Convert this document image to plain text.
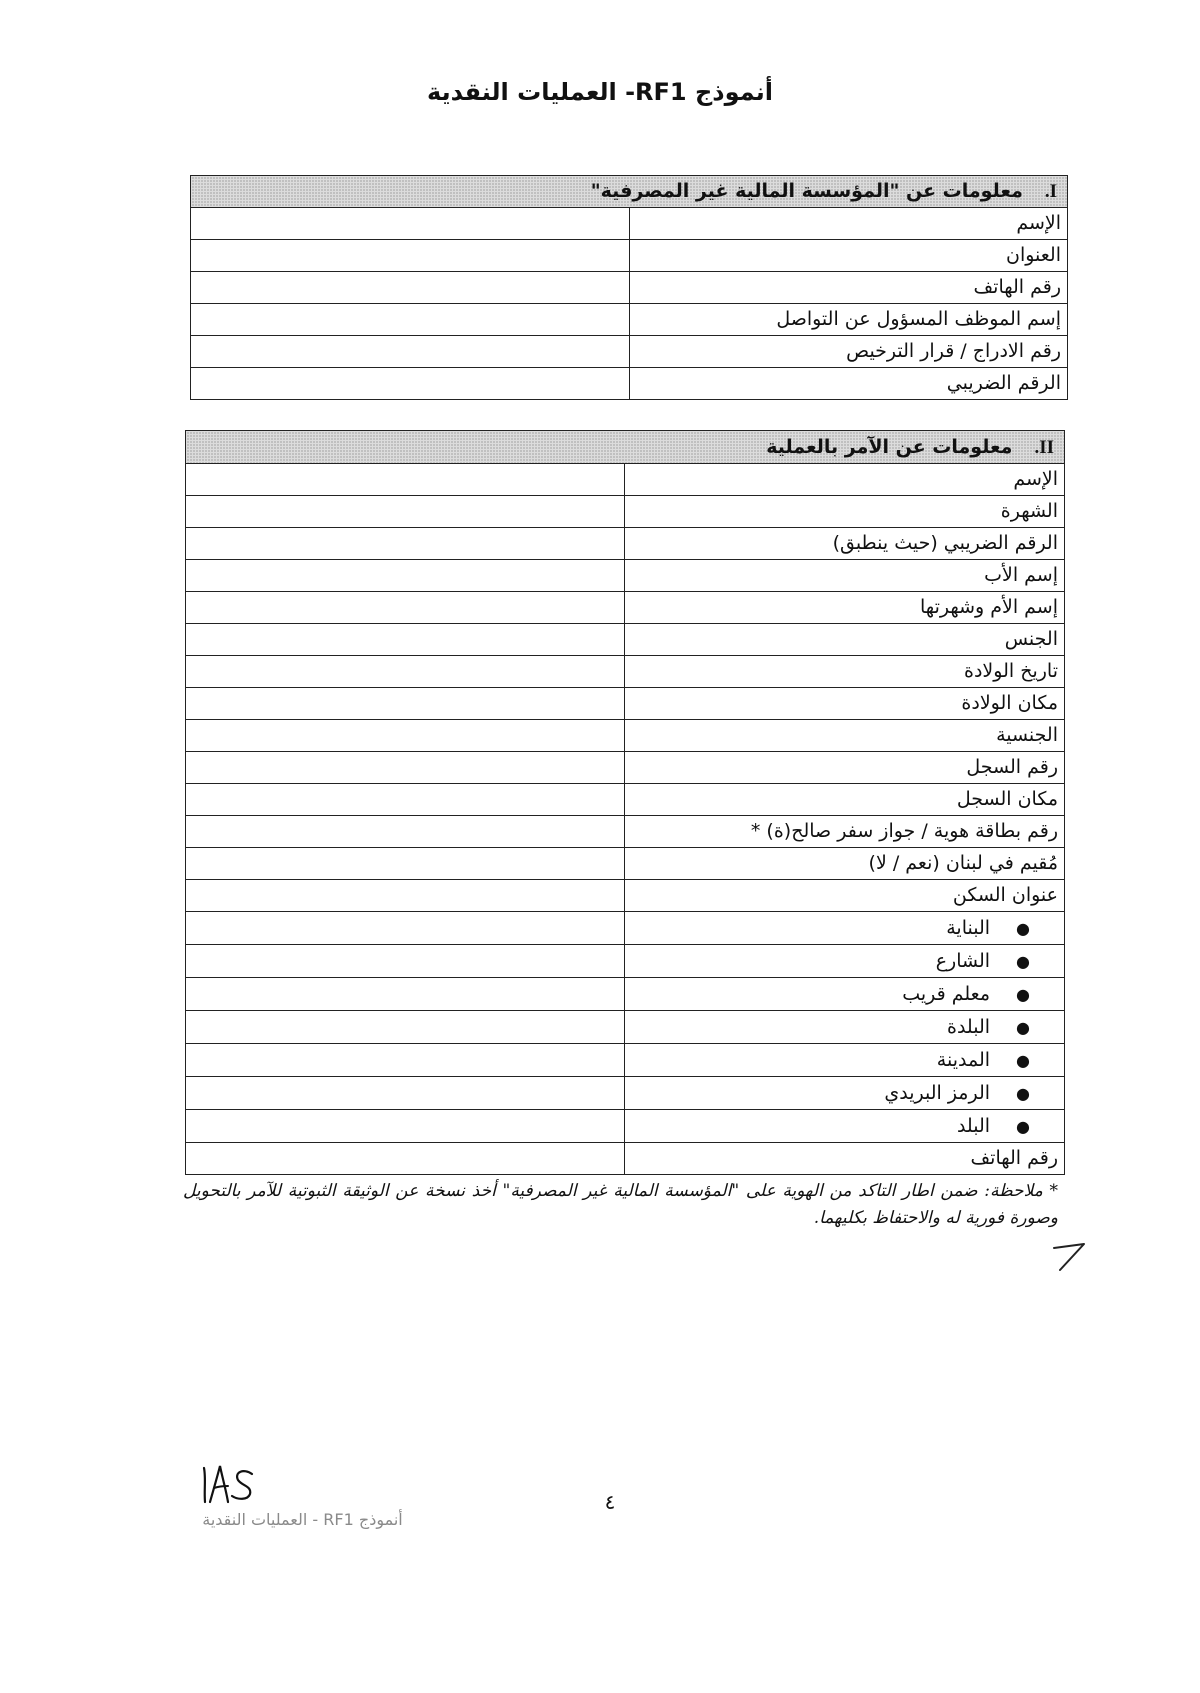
أنموذج RF1- العمليات النقدية
I.معلومات عن "المؤسسة المالية غير المصرفية"	
الإسم	
العنوان	
رقم الهاتف	
إسم الموظف المسؤول عن التواصل	
رقم الادراج / قرار الترخيص	
الرقم الضريبي	
II.معلومات عن الآمر بالعملية	
الإسم	
الشهرة	
الرقم الضريبي (حيث ينطبق)	
إسم الأب	
إسم الأم وشهرتها	
الجنس	
تاريخ الولادة	
مكان الولادة	
الجنسية	
رقم السجل	
مكان السجل	
رقم بطاقة هوية / جواز سفر صالح(ة) *	
مُقيم في لبنان (نعم / لا)	
عنوان السكن	
●البناية	
●الشارع	
●معلم قريب	
●البلدة	
●المدينة	
●الرمز البريدي	
●البلد	
رقم الهاتف	
* ملاحظة: ضمن اطار التاكد من الهوية على "المؤسسة المالية غير المصرفية" أخذ نسخة عن الوثيقة الثبوتية للآمر بالتحويل وصورة فورية له والاحتفاظ بكليهما.
٤
أنموذج RF1 - العمليات النقدية
